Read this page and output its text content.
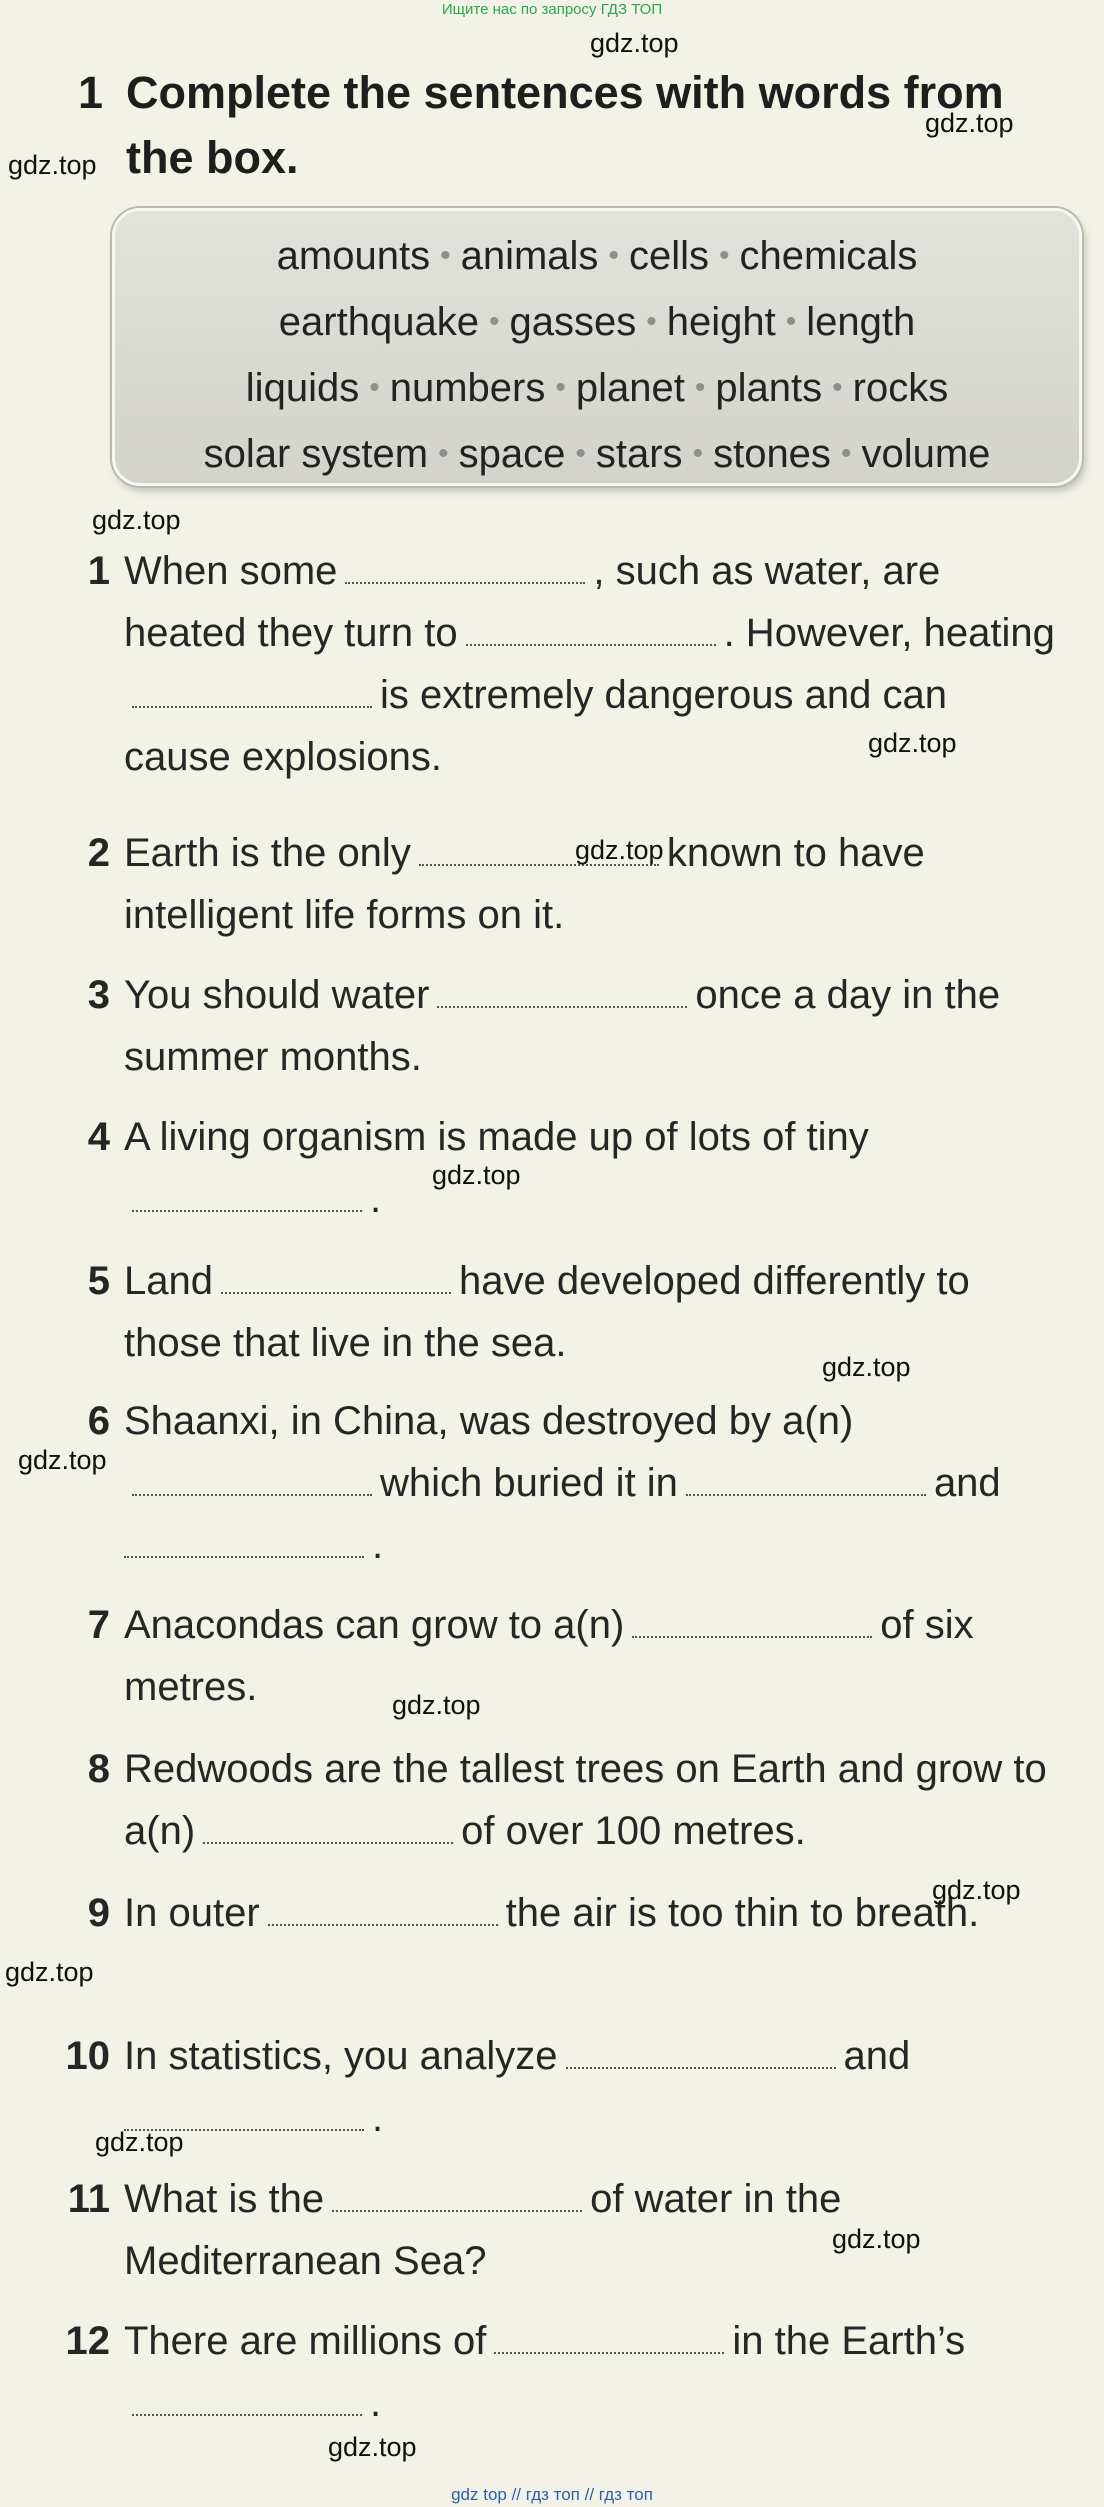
Ищите нас по запросу ГДЗ ТОП
1 Complete the sentences with words from the box.
amounts • animals • cells • chemicals
earthquake • gasses • height • length
liquids • numbers • planet • plants • rocks
solar system • space • stars • stones • volume
1 When some	, such as water, are heated they turn to	. However, heatingis extremely dangerous and can cause explosions.
2 Earth is the only	known to have intelligent life forms on it.
3 You should water	once a day in the summer months.
4 A living organism is made up of lots of tiny.
5 Land	have developed differently to those that live in the sea.
6 Shaanxi, in China, was destroyed by a(n)which buried it in	and
.
7 Anacondas can grow to a(n)	of six metres.
8 Redwoods are the tallest trees on Earth and grow to a(n)	of over 100 metres.
9 In outer	the air is too thin to breath.
10 In statistics, you analyze	and
.
11 What is the	of water in the Mediterranean Sea?
12 There are millions of	in the Earth’s.
gdz.top
gdz.top
gdz.top
gdz.top
gdz.top
gdz.top
gdz.top
gdz.top
gdz.top
gdz.top
gdz.top
gdz.top
gdz.top
gdz.top
gdz.top
gdz top // гдз топ // гдз топ
